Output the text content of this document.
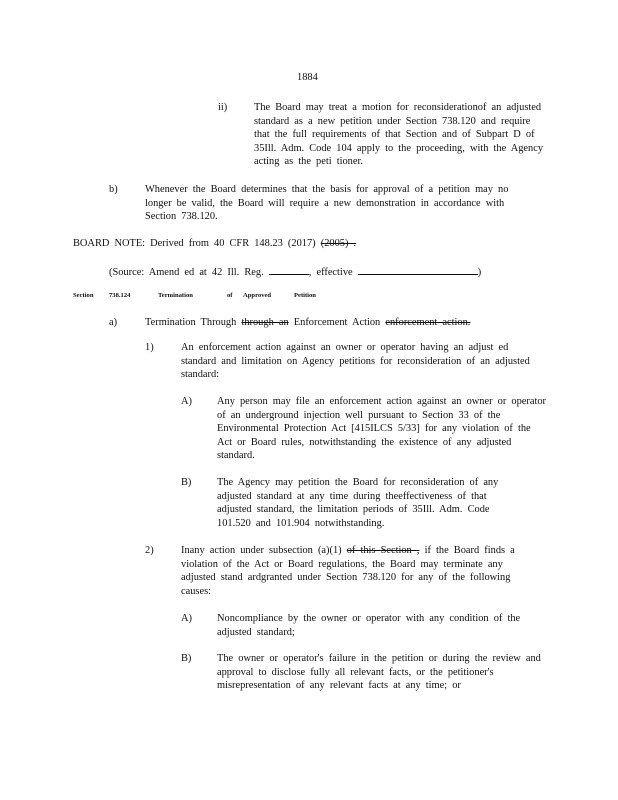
1884
ii)	The Board may treat a motion for reconsiderationof an adjusted standard as a new petition under Section 738.120 and require that the full requirements of that Section and of Subpart D of 35Ill. Adm. Code 104 apply to the proceeding, with the Agency acting as the peti tioner.
b)	Whenever the Board determines that the basis for approval of a petition may no longer be valid, the Board will require a new demonstration in accordance with Section 738.120.
BOARD NOTE: Derived from 40 CFR 148.23 (2017) (2005) .
(Source: Amend ed at 42 Ill. Reg.	, effective	)
Section 738.124	Termination	of Approved	Petition
a)	Termination Through through an Enforcement Action enforcement action.
1)	An enforcement action against an owner or operator having an adjust ed standard and limitation on Agency petitions for reconsideration of an adjusted standard:
A) Any person may file an enforcement action against an owner or operator of an underground injection well pursuant to Section 33 of the Environmental Protection Act [415ILCS 5/33] for any violation of the Act or Board rules, notwithstanding the existence of any adjusted standard.
B) The Agency may petition the Board for reconsideration of any adjusted standard at any time during theeffectiveness of that adjusted standard, the limitation periods of 35Ill. Adm. Code 101.520 and 101.904 notwithstanding.
2)	Inany action under subsection (a)(1) of this Section , if the Board finds a violation of the Act or Board regulations, the Board may terminate any adjusted stand ardgranted under Section 738.120 for any of the following causes:
A) Noncompliance by the owner or operator with any condition of the adjusted standard;
B) The owner or operator's failure in the petition or during the review and approval to disclose fully all relevant facts, or the petitioner's misrepresentation of any relevant facts at any time; or
